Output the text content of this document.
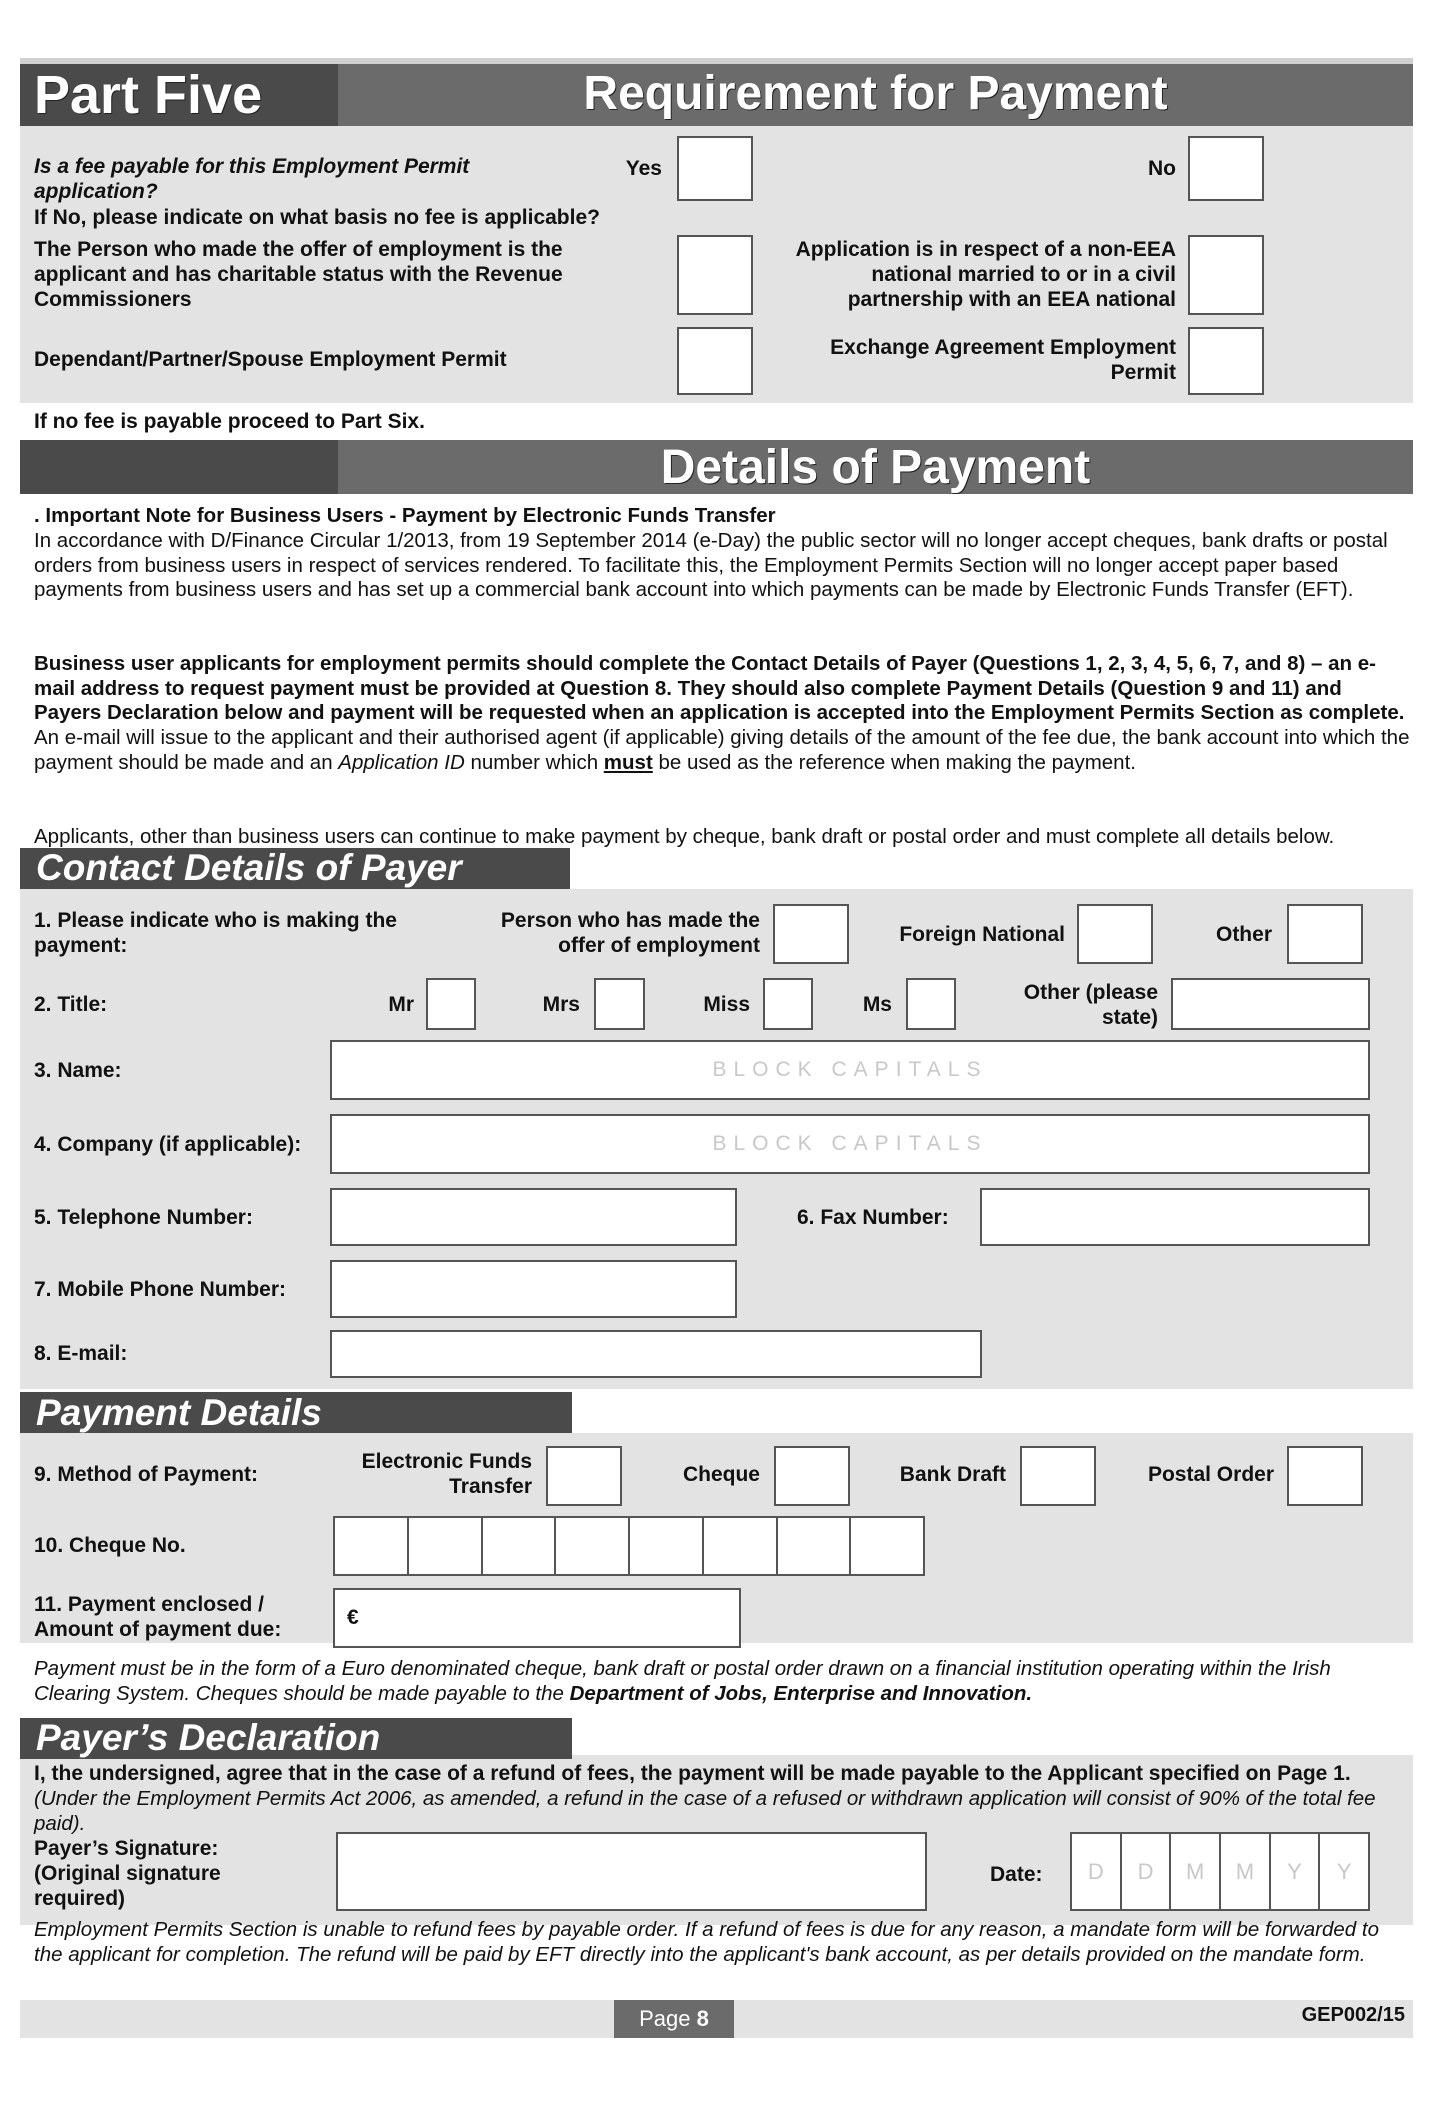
Part Five	Requirement for Payment
Is a fee payable for this Employment Permit application?
Yes	No
If No, please indicate on what basis no fee is applicable?
The Person who made the offer of employment is the applicant and has charitable status with the Revenue Commissioners
Application is in respect of a non-EEA national married to or in a civil partnership with an EEA national
Dependant/Partner/Spouse Employment Permit
Exchange Agreement Employment Permit
If no fee is payable proceed to Part Six.
Details of Payment
. Important Note for Business Users - Payment by Electronic Funds Transfer
In accordance with D/Finance Circular 1/2013, from 19 September 2014 (e-Day) the public sector will no longer accept cheques, bank drafts or postal orders from business users in respect of services rendered. To facilitate this, the Employment Permits Section will no longer accept paper based payments from business users and has set up a commercial bank account into which payments can be made by Electronic Funds Transfer (EFT).
Business user applicants for employment permits should complete the Contact Details of Payer (Questions 1, 2, 3, 4, 5, 6, 7, and 8) – an e-mail address to request payment must be provided at Question 8. They should also complete Payment Details (Question 9 and 11) and Payers Declaration below and payment will be requested when an application is accepted into the Employment Permits Section as complete. An e-mail will issue to the applicant and their authorised agent (if applicable) giving details of the amount of the fee due, the bank account into which the payment should be made and an Application ID number which must be used as the reference when making the payment.
Applicants, other than business users can continue to make payment by cheque, bank draft or postal order and must complete all details below.
Contact Details of Payer
1. Please indicate who is making the payment:
Person who has made the offer of employment	Foreign National	Other
2. Title:	Mr	Mrs	Miss	Ms
Other (please state)
3. Name:	BLOCK CAPITALS
4. Company (if applicable):	BLOCK CAPITALS
5. Telephone Number:	6. Fax Number:
7. Mobile Phone Number:
8. E-mail:
Payment Details
9. Method of Payment:
Electronic Funds Transfer
Cheque	Bank Draft	Postal Order
10. Cheque No.
11. Payment enclosed / Amount of payment due:
€
Payment must be in the form of a Euro denominated cheque, bank draft or postal order drawn on a financial institution operating within the Irish Clearing System. Cheques should be made payable to the Department of Jobs, Enterprise and Innovation.
Payer’s Declaration
I, the undersigned, agree that in the case of a refund of fees, the payment will be made payable to the Applicant specified on Page 1.
(Under the Employment Permits Act 2006, as amended, a refund in the case of a refused or withdrawn application will consist of 90% of the total fee paid).
Payer’s Signature: (Original signature required)
Date:	D	D	M	M	Y	Y
Employment Permits Section is unable to refund fees by payable order. If a refund of fees is due for any reason, a mandate form will be forwarded to the applicant for completion. The refund will be paid by EFT directly into the applicant's bank account, as per details provided on the mandate form.
Page 8	GEP002/15
